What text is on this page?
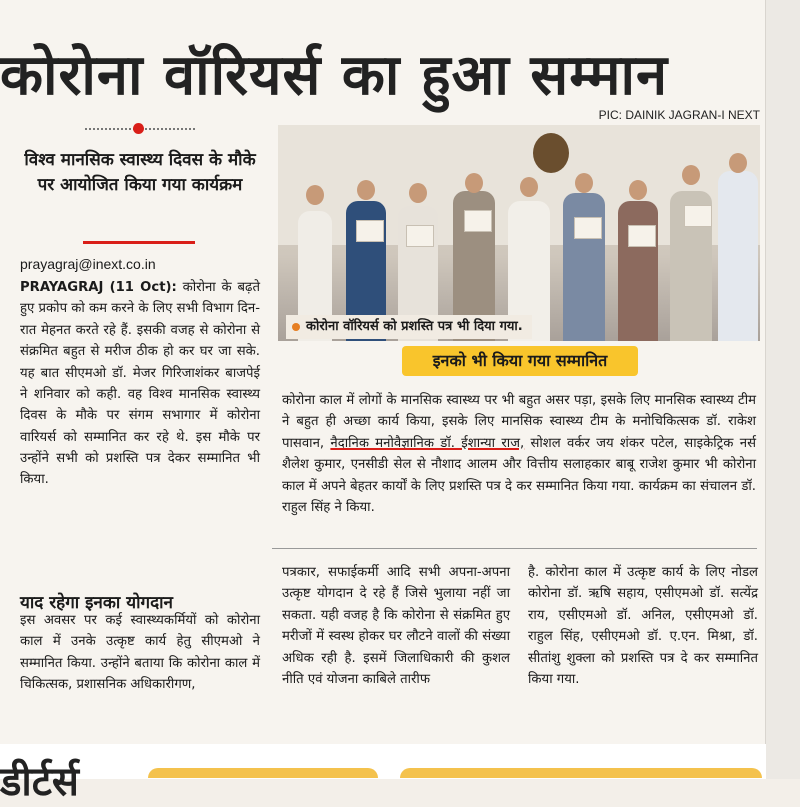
कोरोना वॉरियर्स का हुआ सम्मान
PIC: DAINIK JAGRAN-I NEXT
विश्व मानसिक स्वास्थ्य दिवस के मौके पर आयोजित किया गया कार्यक्रम
prayagraj@inext.co.in
PRAYAGRAJ (11 Oct): कोरोना के बढ़ते हुए प्रकोप को कम करने के लिए सभी विभाग दिन-रात मेहनत करते रहे हैं. इसकी वजह से कोरोना से संक्रमित बहुत से मरीज ठीक हो कर घर जा सके. यह बात सीएमओ डॉ. मेजर गिरिजाशंकर बाजपेई ने शनिवार को कही. वह विश्व मानसिक स्वास्थ्य दिवस के मौके पर संगम सभागार में कोरोना वारियर्स को सम्मानित कर रहे थे. इस मौके पर उन्होंने सभी को प्रशस्ति पत्र देकर सम्मानित भी किया.
याद रहेगा इनका योगदान
इस अवसर पर कई स्वास्थ्यकर्मियों को कोरोना काल में उनके उत्कृष्ट कार्य हेतु सीएमओ ने सम्मानित किया. उन्होंने बताया कि कोरोना काल में चिकित्सक, प्रशासनिक अधिकारीगण,
कोरोना वॉरियर्स को प्रशस्ति पत्र भी दिया गया.
इनको भी किया गया सम्मानित
कोरोना काल में लोगों के मानसिक स्वास्थ्य पर भी बहुत असर पड़ा, इसके लिए मानसिक स्वास्थ्य टीम ने बहुत ही अच्छा कार्य किया, इसके लिए मानसिक स्वास्थ्य टीम के मनोचिकित्सक डॉ. राकेश पासवान, नैदानिक मनोवैज्ञानिक डॉ. ईशान्या राज, सोशल वर्कर जय शंकर पटेल, साइकेट्रिक नर्स शैलेश कुमार, एनसीडी सेल से नौशाद आलम और वित्तीय सलाहकार बाबू राजेश कुमार भी कोरोना काल में अपने बेहतर कार्यों के लिए प्रशस्ति पत्र दे कर सम्मानित किया गया. कार्यक्रम का संचालन डॉ. राहुल सिंह ने किया.
पत्रकार, सफाईकर्मी आदि सभी अपना-अपना उत्कृष्ट योगदान दे रहे हैं जिसे भुलाया नहीं जा सकता. यही वजह है कि कोरोना से संक्रमित हुए मरीजों में स्वस्थ होकर घर लौटने वालों की संख्या अधिक रही है. इसमें जिलाधिकारी की कुशल नीति एवं योजना काबिले तारीफ
है. कोरोना काल में उत्कृष्ट कार्य के लिए नोडल कोरोना डॉ. ऋषि सहाय, एसीएमओ डॉ. सत्येंद्र राय, एसीएमओ डॉ. अनिल, एसीएमओ डॉ. राहुल सिंह, एसीएमओ डॉ. ए.एन. मिश्रा, डॉ. सीतांशु शुक्ला को प्रशस्ति पत्र दे कर सम्मानित किया गया.
डीर्टर्स
